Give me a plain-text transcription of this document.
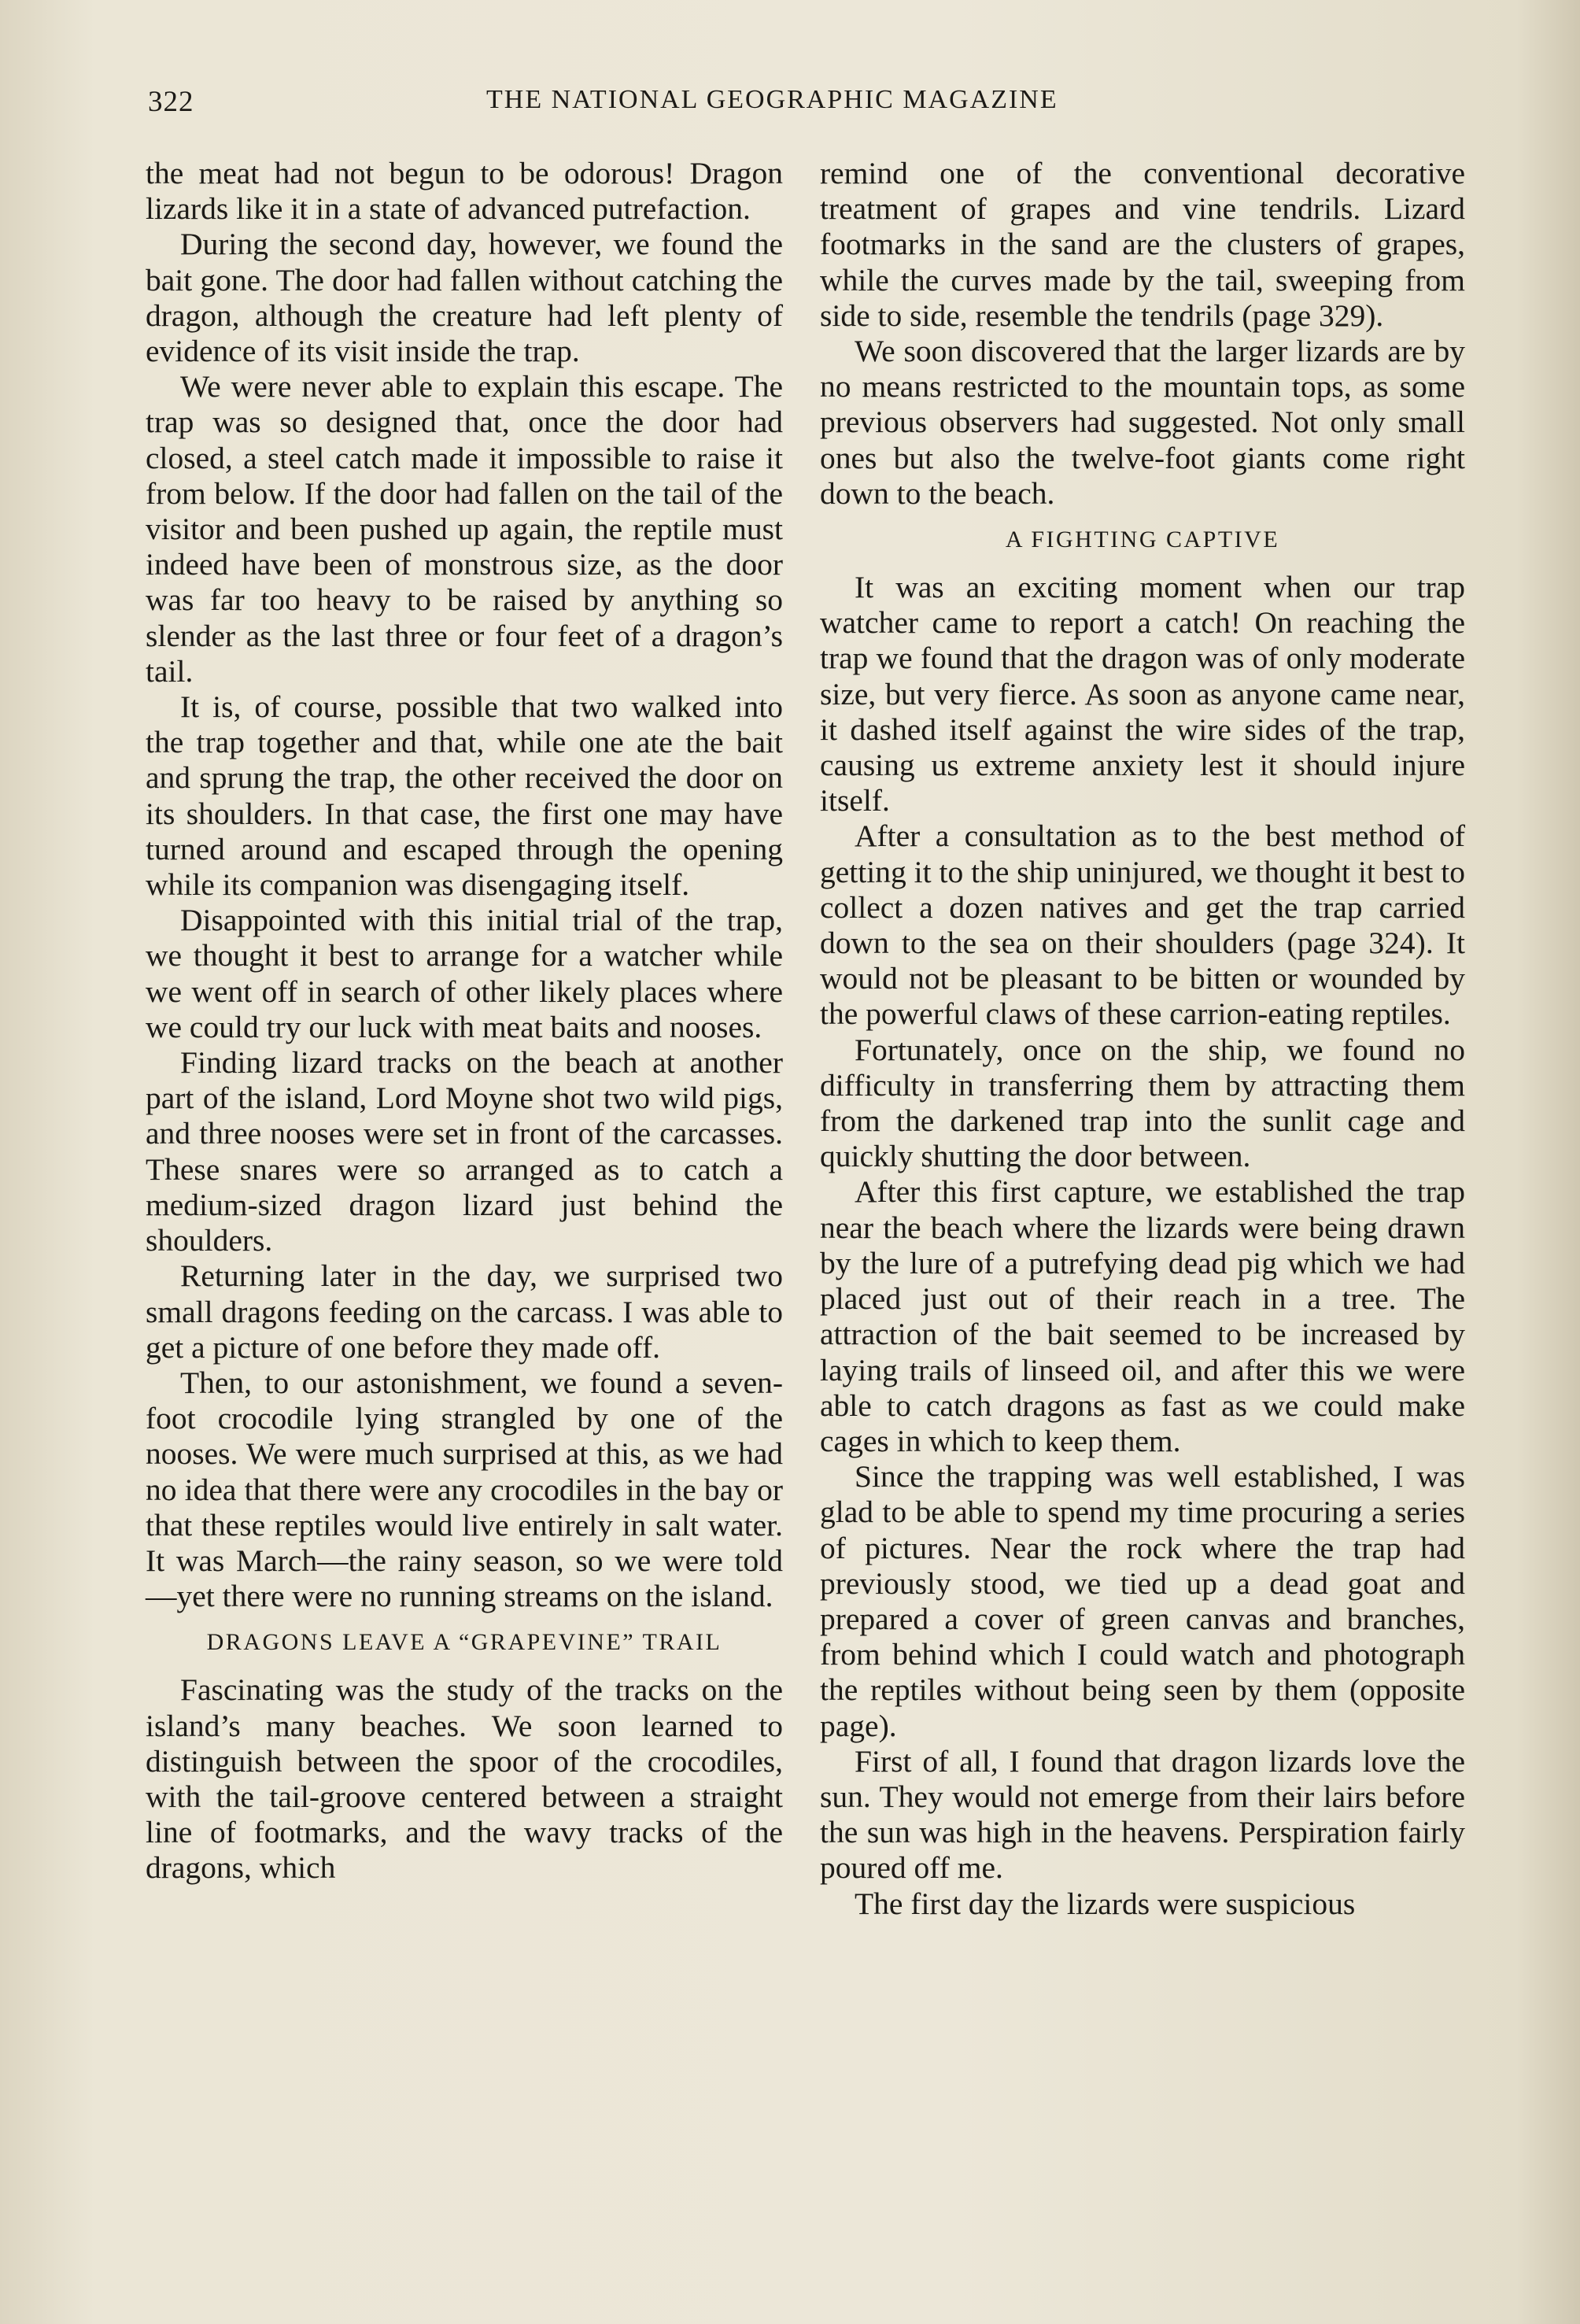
322	THE NATIONAL GEOGRAPHIC MAGAZINE

the meat had not begun to be odorous! Dragon lizards like it in a state of advanced putrefaction.

During the second day, however, we found the bait gone. The door had fallen without catching the dragon, although the creature had left plenty of evidence of its visit inside the trap.

We were never able to explain this escape. The trap was so designed that, once the door had closed, a steel catch made it impossible to raise it from below. If the door had fallen on the tail of the visitor and been pushed up again, the reptile must indeed have been of monstrous size, as the door was far too heavy to be raised by anything so slender as the last three or four feet of a dragon’s tail.

It is, of course, possible that two walked into the trap together and that, while one ate the bait and sprung the trap, the other received the door on its shoulders. In that case, the first one may have turned around and escaped through the opening while its companion was disengaging itself.

Disappointed with this initial trial of the trap, we thought it best to arrange for a watcher while we went off in search of other likely places where we could try our luck with meat baits and nooses.

Finding lizard tracks on the beach at another part of the island, Lord Moyne shot two wild pigs, and three nooses were set in front of the carcasses. These snares were so arranged as to catch a medium-sized dragon lizard just behind the shoulders.

Returning later in the day, we surprised two small dragons feeding on the carcass. I was able to get a picture of one before they made off.

Then, to our astonishment, we found a seven-foot crocodile lying strangled by one of the nooses. We were much surprised at this, as we had no idea that there were any crocodiles in the bay or that these reptiles would live entirely in salt water. It was March—the rainy season, so we were told—yet there were no running streams on the island.

DRAGONS LEAVE A “GRAPEVINE” TRAIL

Fascinating was the study of the tracks on the island’s many beaches. We soon learned to distinguish between the spoor of the crocodiles, with the tail-groove centered between a straight line of footmarks, and the wavy tracks of the dragons, which

remind one of the conventional decorative treatment of grapes and vine tendrils. Lizard footmarks in the sand are the clusters of grapes, while the curves made by the tail, sweeping from side to side, resemble the tendrils (page 329).

We soon discovered that the larger lizards are by no means restricted to the mountain tops, as some previous observers had suggested. Not only small ones but also the twelve-foot giants come right down to the beach.

A FIGHTING CAPTIVE

It was an exciting moment when our trap watcher came to report a catch! On reaching the trap we found that the dragon was of only moderate size, but very fierce. As soon as anyone came near, it dashed itself against the wire sides of the trap, causing us extreme anxiety lest it should injure itself.

After a consultation as to the best method of getting it to the ship uninjured, we thought it best to collect a dozen natives and get the trap carried down to the sea on their shoulders (page 324). It would not be pleasant to be bitten or wounded by the powerful claws of these carrion-eating reptiles.

Fortunately, once on the ship, we found no difficulty in transferring them by attracting them from the darkened trap into the sunlit cage and quickly shutting the door between.

After this first capture, we established the trap near the beach where the lizards were being drawn by the lure of a putrefying dead pig which we had placed just out of their reach in a tree. The attraction of the bait seemed to be increased by laying trails of linseed oil, and after this we were able to catch dragons as fast as we could make cages in which to keep them.

Since the trapping was well established, I was glad to be able to spend my time procuring a series of pictures. Near the rock where the trap had previously stood, we tied up a dead goat and prepared a cover of green canvas and branches, from behind which I could watch and photograph the reptiles without being seen by them (opposite page).

First of all, I found that dragon lizards love the sun. They would not emerge from their lairs before the sun was high in the heavens. Perspiration fairly poured off me.

The first day the lizards were suspicious
